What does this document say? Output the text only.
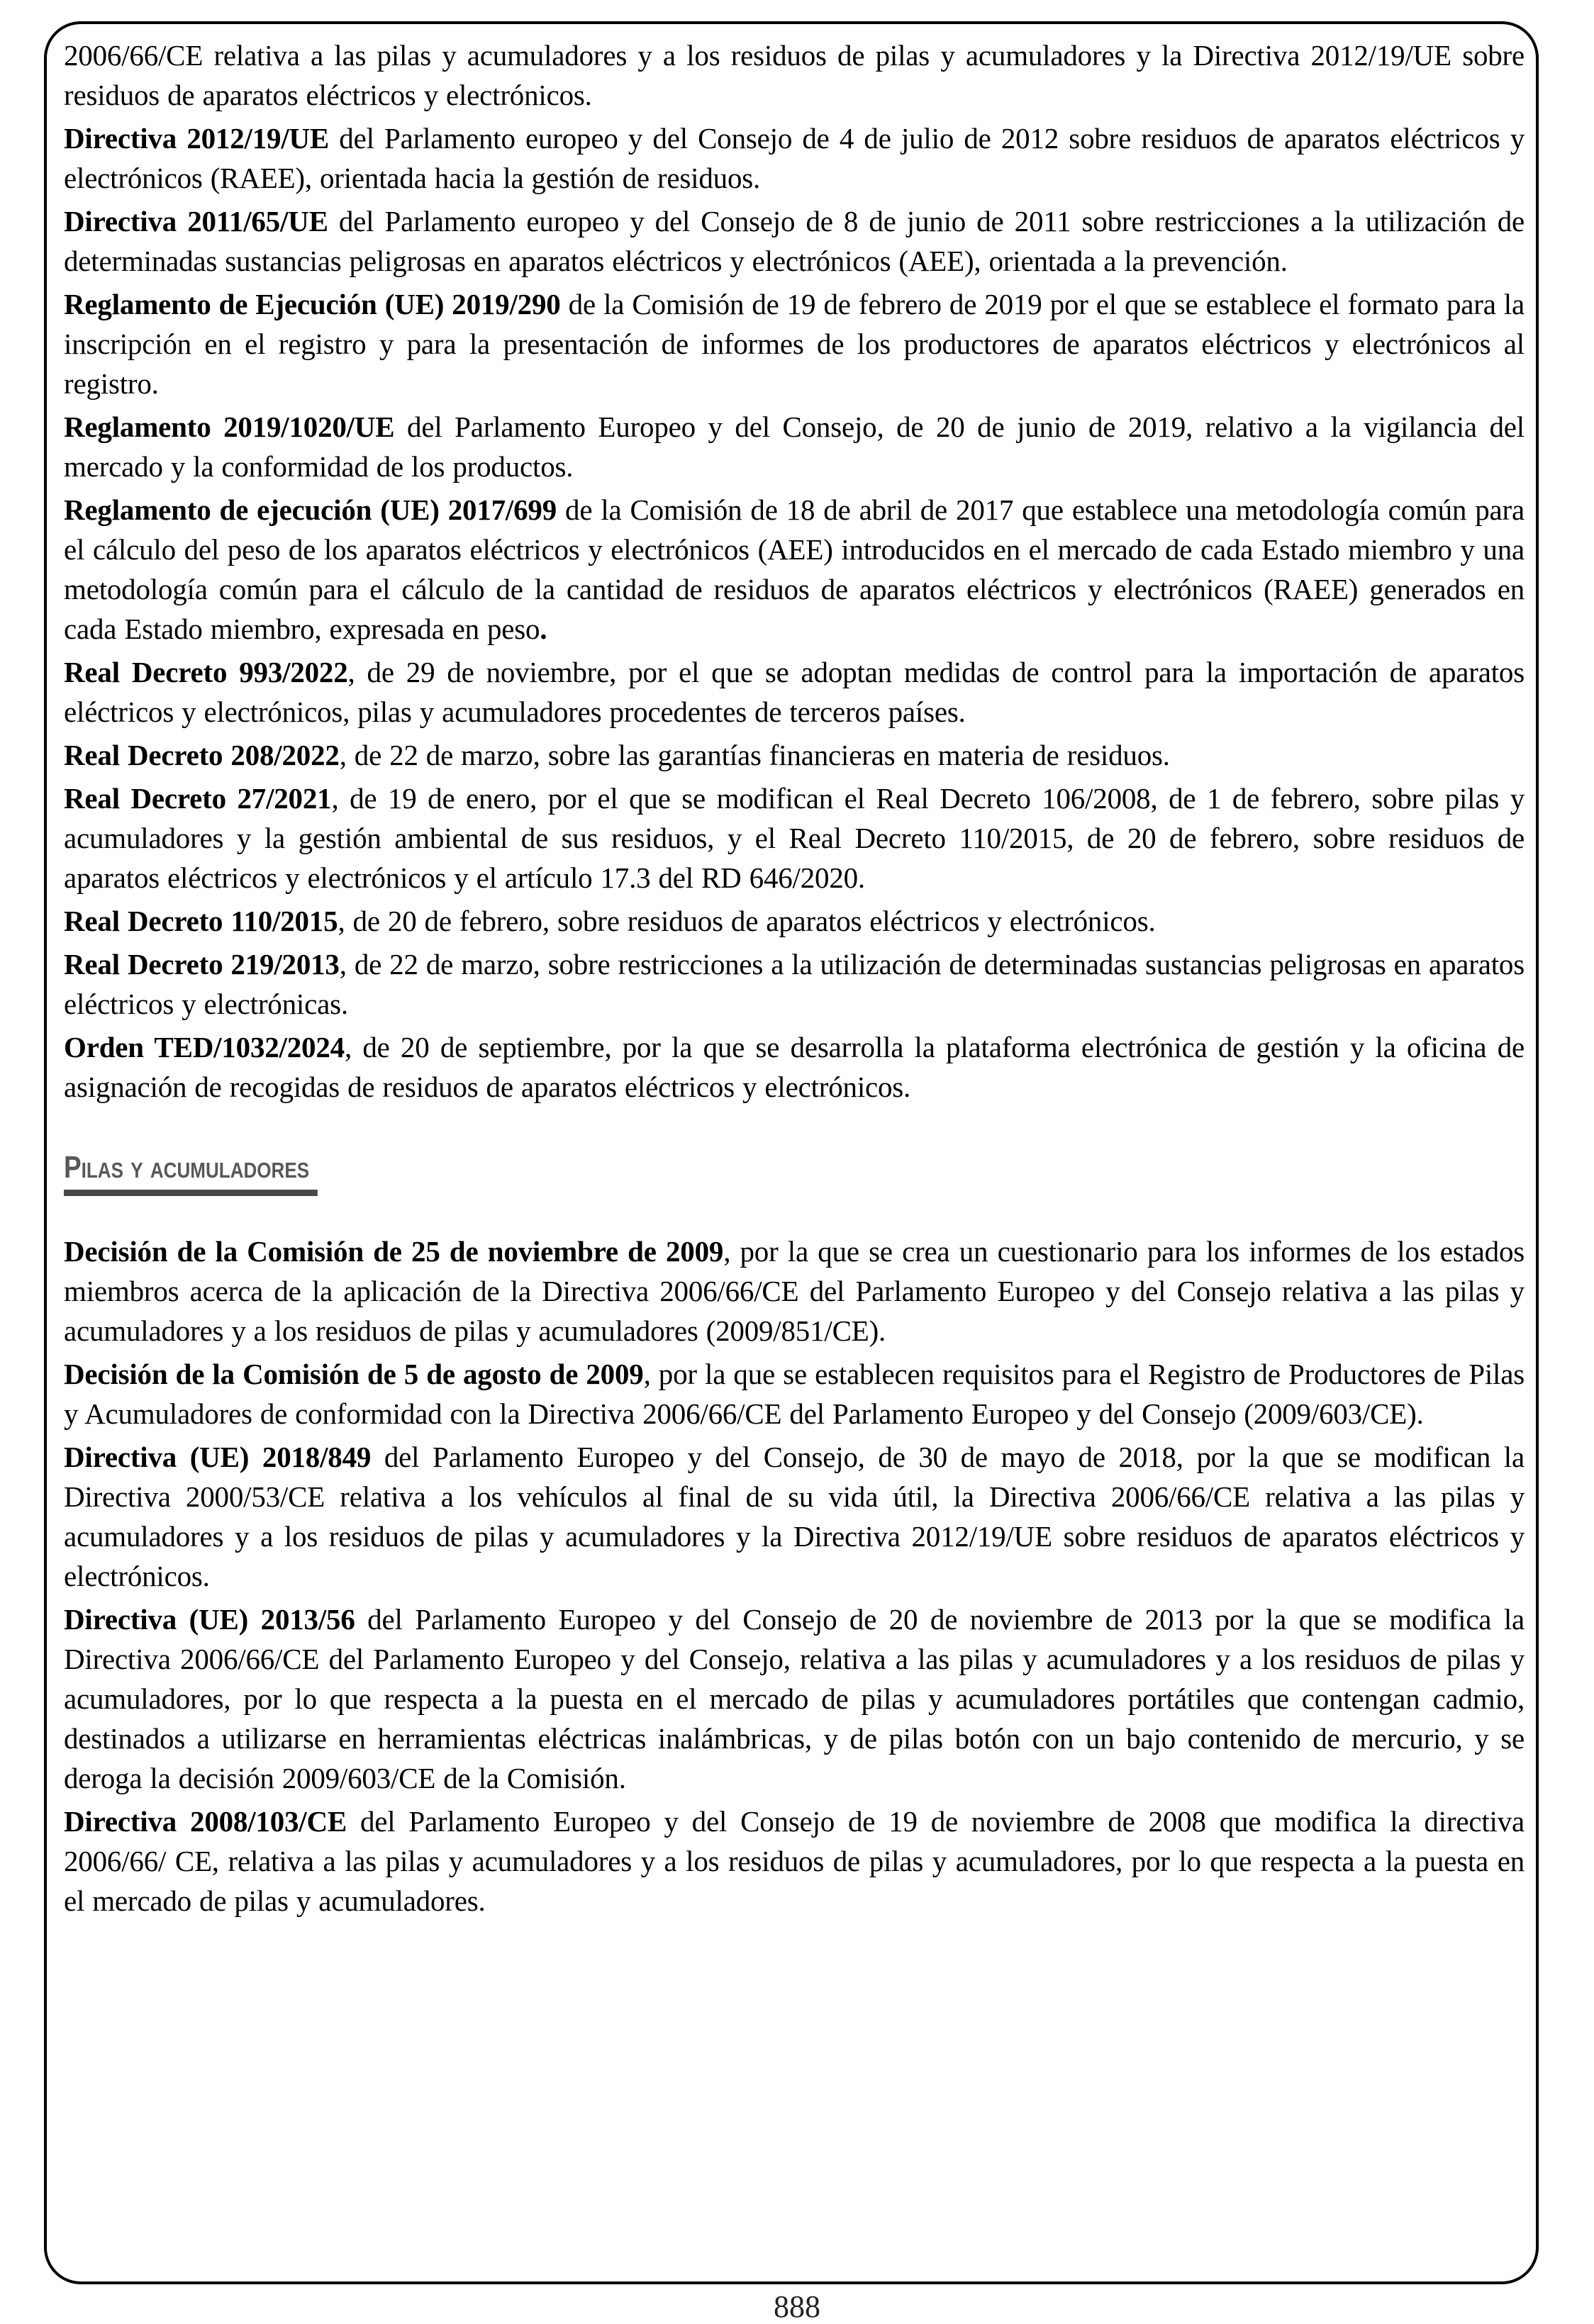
2006/66/CE relativa a las pilas y acumuladores y a los residuos de pilas y acumuladores y la Directiva 2012/19/UE sobre residuos de aparatos eléctricos y electrónicos.

Directiva 2012/19/UE del Parlamento europeo y del Consejo de 4 de julio de 2012 sobre residuos de aparatos eléctricos y electrónicos (RAEE), orientada hacia la gestión de residuos.

Directiva 2011/65/UE del Parlamento europeo y del Consejo de 8 de junio de 2011 sobre restricciones a la utilización de determinadas sustancias peligrosas en aparatos eléctricos y electrónicos (AEE), orientada a la prevención.

Reglamento de Ejecución (UE) 2019/290 de la Comisión de 19 de febrero de 2019 por el que se establece el formato para la inscripción en el registro y para la presentación de informes de los productores de aparatos eléctricos y electrónicos al registro.

Reglamento 2019/1020/UE del Parlamento Europeo y del Consejo, de 20 de junio de 2019, relativo a la vigilancia del mercado y la conformidad de los productos.

Reglamento de ejecución (UE) 2017/699 de la Comisión de 18 de abril de 2017 que establece una metodología común para el cálculo del peso de los aparatos eléctricos y electrónicos (AEE) introducidos en el mercado de cada Estado miembro y una metodología común para el cálculo de la cantidad de residuos de aparatos eléctricos y electrónicos (RAEE) generados en cada Estado miembro, expresada en peso.

Real Decreto 993/2022, de 29 de noviembre, por el que se adoptan medidas de control para la importación de aparatos eléctricos y electrónicos, pilas y acumuladores procedentes de terceros países.

Real Decreto 208/2022, de 22 de marzo, sobre las garantías financieras en materia de residuos.

Real Decreto 27/2021, de 19 de enero, por el que se modifican el Real Decreto 106/2008, de 1 de febrero, sobre pilas y acumuladores y la gestión ambiental de sus residuos, y el Real Decreto 110/2015, de 20 de febrero, sobre residuos de aparatos eléctricos y electrónicos y el artículo 17.3 del RD 646/2020.

Real Decreto 110/2015, de 20 de febrero, sobre residuos de aparatos eléctricos y electrónicos.

Real Decreto 219/2013, de 22 de marzo, sobre restricciones a la utilización de determinadas sustancias peligrosas en aparatos eléctricos y electrónicas.

Orden TED/1032/2024, de 20 de septiembre, por la que se desarrolla la plataforma electrónica de gestión y la oficina de asignación de recogidas de residuos de aparatos eléctricos y electrónicos.

Pilas y acumuladores

Decisión de la Comisión de 25 de noviembre de 2009, por la que se crea un cuestionario para los informes de los estados miembros acerca de la aplicación de la Directiva 2006/66/CE del Parlamento Europeo y del Consejo relativa a las pilas y acumuladores y a los residuos de pilas y acumuladores (2009/851/CE).

Decisión de la Comisión de 5 de agosto de 2009, por la que se establecen requisitos para el Registro de Productores de Pilas y Acumuladores de conformidad con la Directiva 2006/66/CE del Parlamento Europeo y del Consejo (2009/603/CE).

Directiva (UE) 2018/849 del Parlamento Europeo y del Consejo, de 30 de mayo de 2018, por la que se modifican la Directiva 2000/53/CE relativa a los vehículos al final de su vida útil, la Directiva 2006/66/CE relativa a las pilas y acumuladores y a los residuos de pilas y acumuladores y la Directiva 2012/19/UE sobre residuos de aparatos eléctricos y electrónicos.

Directiva (UE) 2013/56 del Parlamento Europeo y del Consejo de 20 de noviembre de 2013 por la que se modifica la Directiva 2006/66/CE del Parlamento Europeo y del Consejo, relativa a las pilas y acumuladores y a los residuos de pilas y acumuladores, por lo que respecta a la puesta en el mercado de pilas y acumuladores portátiles que contengan cadmio, destinados a utilizarse en herramientas eléctricas inalámbricas, y de pilas botón con un bajo contenido de mercurio, y se deroga la decisión 2009/603/CE de la Comisión.

Directiva 2008/103/CE del Parlamento Europeo y del Consejo de 19 de noviembre de 2008 que modifica la directiva 2006/66/ CE, relativa a las pilas y acumuladores y a los residuos de pilas y acumuladores, por lo que respecta a la puesta en el mercado de pilas y acumuladores.

888
